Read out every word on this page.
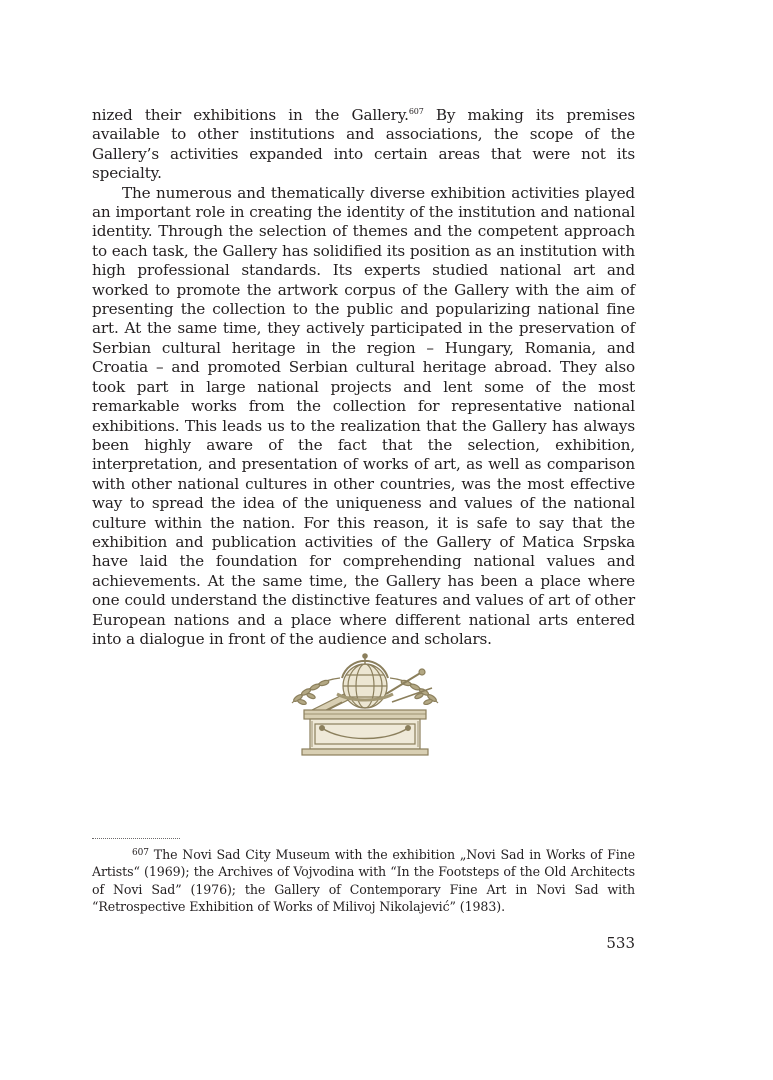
nized their exhibitions in the Gallery.$^{607}$ By making its premises available to other institutions and associations, the scope of the Gallery’s activities expanded into certain areas that were not its specialty.

The numerous and thematically diverse exhibition activities played an important role in creating the identity of the institution and national identity. Through the selection of themes and the competent approach to each task, the Gallery has solidified its position as an institution with high professional standards. Its experts studied national art and worked to promote the artwork corpus of the Gallery with the aim of presenting the collection to the public and popularizing national fine art. At the same time, they actively participated in the preservation of Serbian cultural heritage in the region – Hungary, Romania, and Croatia – and promoted Serbian cultural heritage abroad. They also took part in large national projects and lent some of the most remarkable works from the collection for representative national exhibitions. This leads us to the realization that the Gallery has always been highly aware of the fact that the selection, exhibition, interpretation, and presentation of works of art, as well as comparison with other national cultures in other countries, was the most effective way to spread the idea of the uniqueness and values of the national culture within the nation. For this reason, it is safe to say that the exhibition and publication activities of the Gallery of Matica Srpska have laid the foundation for comprehending national values and achievements. At the same time, the Gallery has been a place where one could understand the distinctive features and values of art of other European nations and a place where different national arts entered into a dialogue in front of the audience and scholars.

$^{607}$ The Novi Sad City Museum with the exhibition „Novi Sad in Works of Fine Artists“ (1969); the Archives of Vojvodina with “In the Footsteps of the Old Architects of Novi Sad” (1976); the Gallery of Contemporary Fine Art in Novi Sad with “Retrospective Exhibition of Works of Milivoj Nikolajević” (1983).
533
